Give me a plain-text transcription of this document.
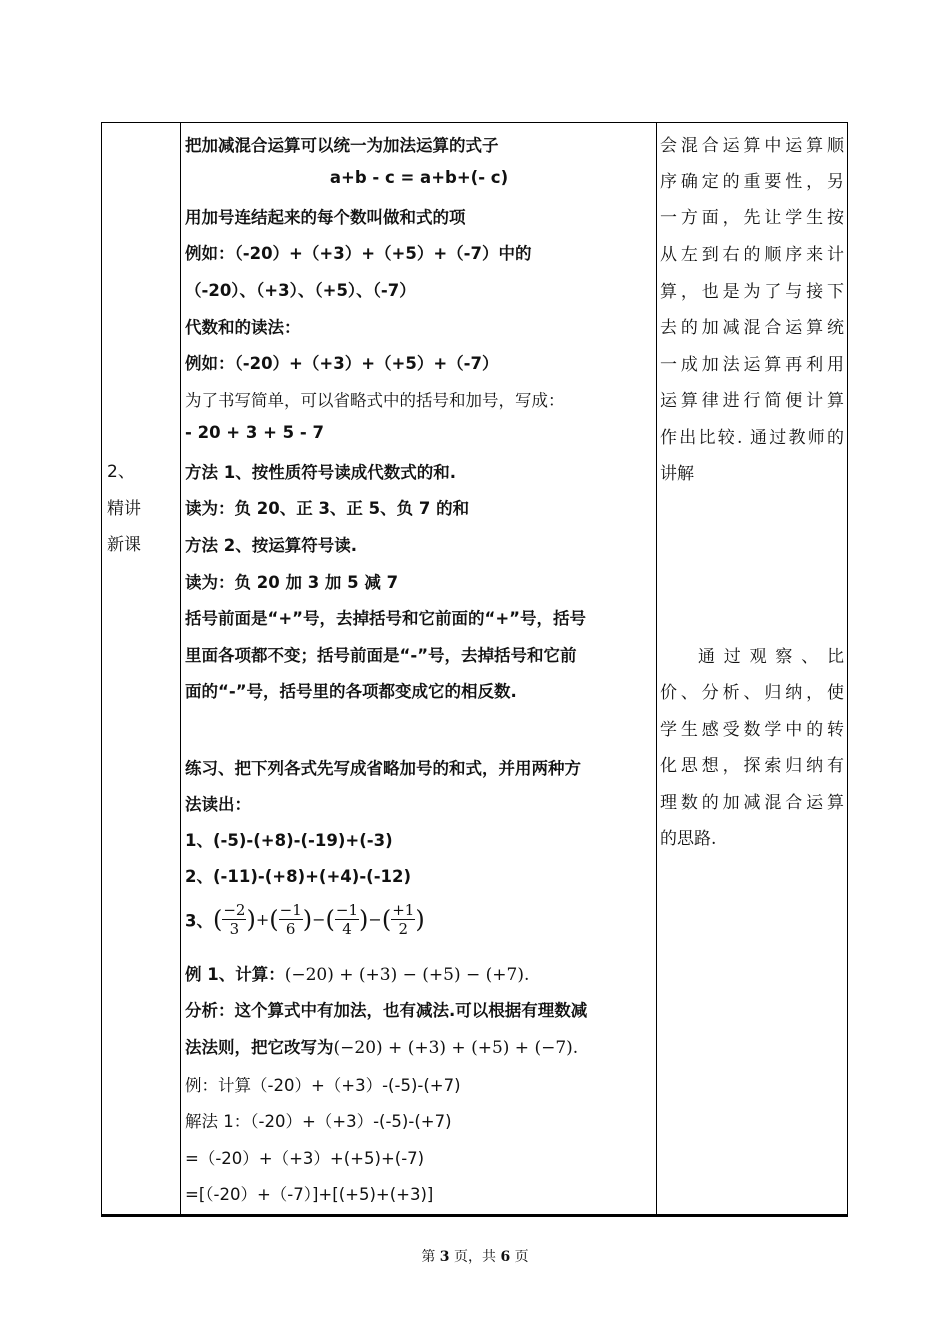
2、
精讲
新课
把加减混合运算可以统一为加法运算的式子
a+b - c = a+b+(- c)
用加号连结起来的每个数叫做和式的项
例如：（-20）+（+3）+（+5）+（-7）中的
（-20）、（+3）、（+5）、（-7）
代数和的读法：
例如：（-20）+（+3）+（+5）+（-7）
为了书写简单，可以省略式中的括号和加号，写成：
- 20 + 3 + 5 - 7
方法 1、按性质符号读成代数式的和.
读为：负 20、正 3、正 5、负 7 的和
方法 2、按运算符号读.
读为：负 20 加 3 加 5 减 7
括号前面是“+”号，去掉括号和它前面的“+”号，括号
里面各项都不变；括号前面是“-”号，去掉括号和它前
面的“-”号，括号里的各项都变成它的相反数.
练习、把下列各式先写成省略加号的和式，并用两种方
法读出：
1、(-5)-(+8)-(-19)+(-3)
2、(-11)-(+8)+(+4)-(-12)
3、( $\frac{-2}{3}$ )+( $\frac{-1}{6}$ )−( $\frac{-1}{4}$ )−( $\frac{+1}{2}$ )
例 1、计算：(−20) + (+3) − (+5) − (+7).
分析：这个算式中有加法，也有减法.可以根据有理数减
法法则，把它改写为(−20) + (+3) + (+5) + (−7).
例：计算（-20）+（+3）-(-5)-(+7)
解法 1：（-20）+（+3）-(-5)-(+7)
=（-20）+（+3）+(+5)+(-7)
=[（-20）+（-7）]+[(+5)+(+3)]
会混合运算中运算顺
序确定的重要性，另
一方面，先让学生按
从左到右的顺序来计
算，也是为了与接下
去的加减混合运算统
一成加法运算再利用
运算律进行简便计算
作出比较. 通过教师的
讲解
通 过 观 察 、 比
价、分析、归纳，使
学生感受数学中的转
化思想，探索归纳有
理数的加减混合运算
的思路.
第 3 页，共 6 页
